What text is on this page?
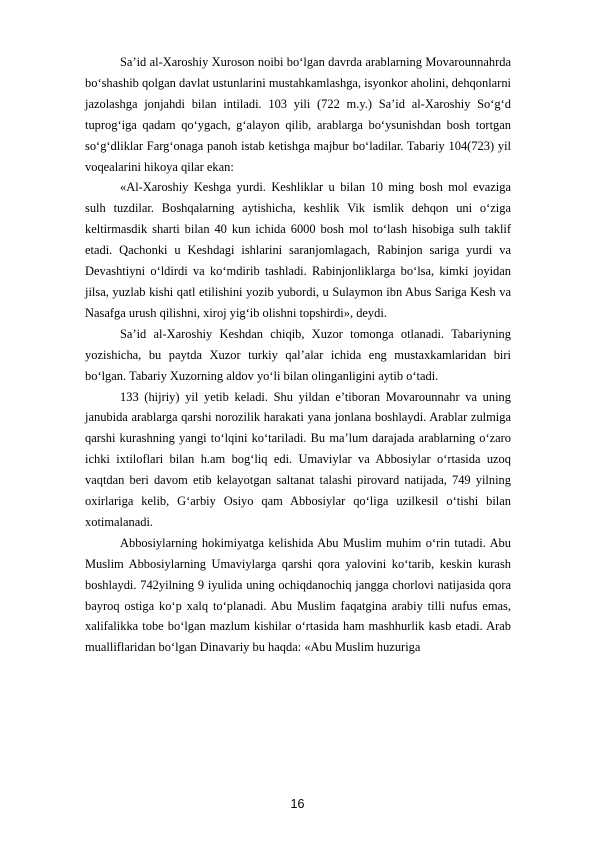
Sa’id al-Xaroshiy Xuroson noibi bo‘lgan davrda arablarning Movarounnahrda bo‘shashib qolgan davlat ustunlarini mustahkamlashga, isyonkor aholini, dehqonlarni jazolashga jonjahdi bilan intiladi. 103 yili (722 m.y.) Sa’id al-Xaroshiy So‘g‘d tuprog‘iga qadam qo‘ygach, g‘alayon qilib, arablarga bo‘ysunishdan bosh tortgan so‘g‘dliklar Farg‘onaga panoh istab ketishga majbur bo‘ladilar. Tabariy 104(723) yil voqealarini hikoya qilar ekan:

«Al-Xaroshiy Keshga yurdi. Keshliklar u bilan 10 ming bosh mol evaziga sulh tuzdilar. Boshqalarning aytishicha, keshlik Vik ismlik dehqon uni o‘ziga keltirmasdik sharti bilan 40 kun ichida 6000 bosh mol to‘lash hisobiga sulh taklif etadi. Qachonki u Keshdagi ishlarini saranjomlagach, Rabinjon sariga yurdi va Devashtiyni o‘ldirdi va ko‘mdirib tashladi. Rabinjonliklarga bo‘lsa, kimki joyidan jilsa, yuzlab kishi qatl etilishini yozib yubordi, u Sulaymon ibn Abus Sariga Kesh va Nasafga urush qilishni, xiroj yig‘ib olishni topshirdi», deydi.

Sa’id al-Xaroshiy Keshdan chiqib, Xuzor tomonga otlanadi. Tabariyning yozishicha, bu paytda Xuzor turkiy qal’alar ichida eng mustaxkamlaridan biri bo‘lgan. Tabariy Xuzorning aldov yo‘li bilan olinganligini aytib o‘tadi.

133 (hijriy) yil yetib keladi. Shu yildan e’tiboran Movarounnahr va uning janubida arablarga qarshi norozilik harakati yana jonlana boshlaydi. Arablar zulmiga qarshi kurashning yangi to‘lqini ko‘tariladi. Bu ma’lum darajada arablarning o‘zaro ichki ixtiloflari bilan h.am bog‘liq edi. Umaviylar va Abbosiylar o‘rtasida uzoq vaqtdan beri davom etib kelayotgan saltanat talashi pirovard natijada, 749 yilning oxirlariga kelib, G‘arbiy Osiyo qam Abbosiylar qo‘liga uzilkesil o‘tishi bilan xotimalanadi.

Abbosiylarning hokimiyatga kelishida Abu Muslim muhim o‘rin tutadi. Abu Muslim Abbosiylarning Umaviylarga qarshi qora yalovini ko‘tarib, keskin kurash boshlaydi. 742yilning 9 iyulida uning ochiqdanochiq jangga chorlovi natijasida qora bayroq ostiga ko‘p xalq to‘planadi. Abu Muslim faqatgina arabiy tilli nufus emas, xalifalikka tobe bo‘lgan mazlum kishilar o‘rtasida ham mashhurlik kasb etadi. Arab mualliflaridan bo‘lgan Dinavariy bu haqda: «Abu Muslim huzuriga

16
